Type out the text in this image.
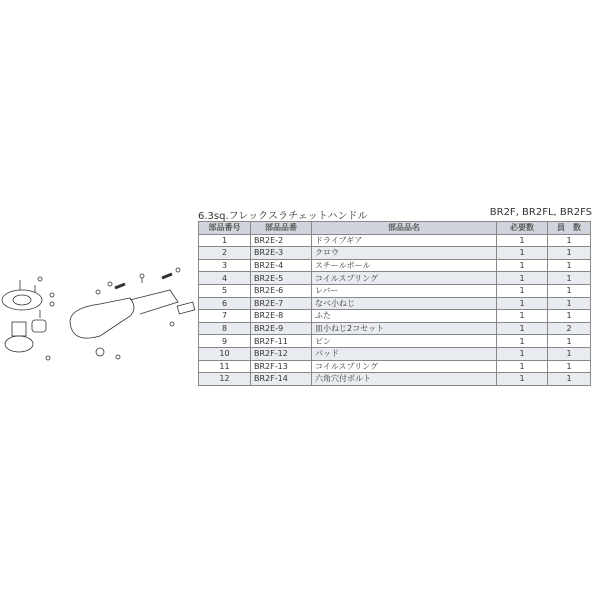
6.3sq.フレックスラチェットハンドル	BR2F, BR2FL, BR2FS
部品番号	部品品番	部品品名	必要数	員　数
1	BR2E-2	ドライブギア	1	1
2	BR2E-3	クロウ	1	1
3	BR2E-4	スチールボール	1	1
4	BR2E-5	コイルスプリング	1	1
5	BR2E-6	レバー	1	1
6	BR2E-7	なべ小ねじ	1	1
7	BR2E-8	ふた	1	1
8	BR2E-9	皿小ねじ2コセット	1	2
9	BR2F-11	ピン	1	1
10	BR2F-12	パッド	1	1
11	BR2F-13	コイルスプリング	1	1
12	BR2F-14	六角穴付ボルト	1	1
